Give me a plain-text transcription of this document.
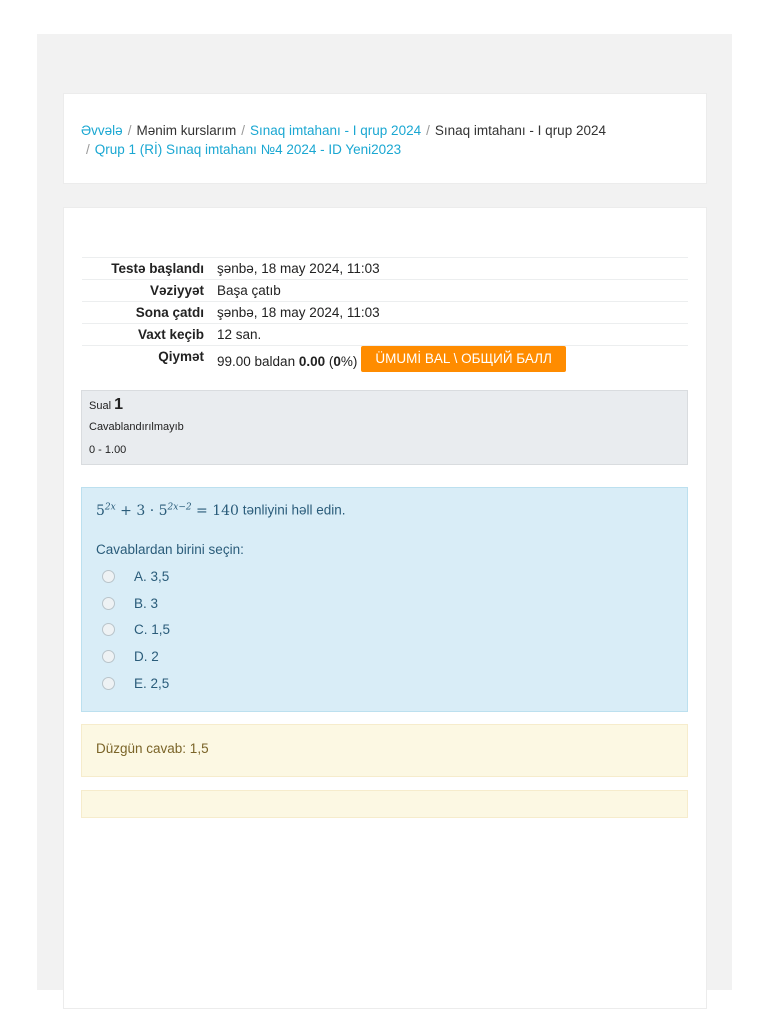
Əvvələ / Mənim kurslarım / Sınaq imtahanı - I qrup 2024 / Sınaq imtahanı - I qrup 2024
/ Qrup 1 (Rİ) Sınaq imtahanı №4 2024 - ID Yeni2023
Testə başlandı	şənbə, 18 may 2024, 11:03
Vəziyyət	Başa çatıb
Sona çatdı	şənbə, 18 may 2024, 11:03
Vaxt keçib	12 san.
Qiymət	99.00 baldan 0.00 (0%) ÜMUMİ BAL \ ОБЩИЙ БАЛЛ
Sual 1
Cavablandırılmayıb
0 - 1.00
$5^{2x} + 3 \cdot 5^{2x-2} = 140$ tənliyini həll edin.
Cavablardan birini seçin:
A. 3,5
B. 3
C. 1,5
D. 2
E. 2,5
Düzgün cavab: 1,5
